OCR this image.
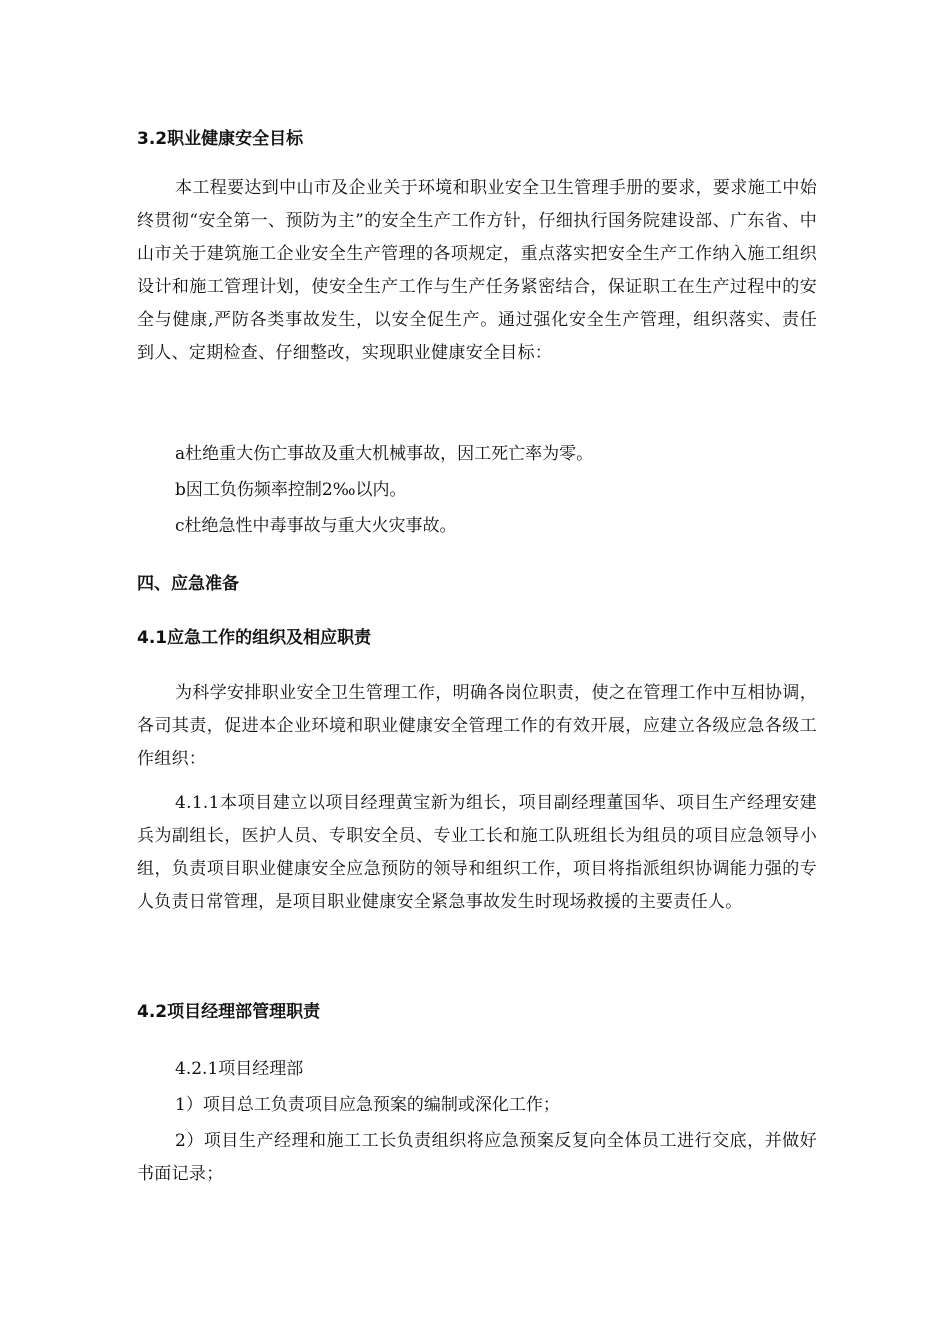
3.2职业健康安全目标
本工程要达到中山市及企业关于环境和职业安全卫生管理手册的要求，要求施工中始终贯彻“安全第一、预防为主”的安全生产工作方针，仔细执行国务院建设部、广东省、中山市关于建筑施工企业安全生产管理的各项规定，重点落实把安全生产工作纳入施工组织设计和施工管理计划，使安全生产工作与生产任务紧密结合，保证职工在生产过程中的安全与健康,严防各类事故发生，以安全促生产。通过强化安全生产管理，组织落实、责任到人、定期检查、仔细整改，实现职业健康安全目标：
a杜绝重大伤亡事故及重大机械事故，因工死亡率为零。
b因工负伤频率控制2‰以内。
c杜绝急性中毒事故与重大火灾事故。
四、应急准备
4.1应急工作的组织及相应职责
为科学安排职业安全卫生管理工作，明确各岗位职责，使之在管理工作中互相协调，各司其责，促进本企业环境和职业健康安全管理工作的有效开展，应建立各级应急各级工作组织：
4.1.1本项目建立以项目经理黄宝新为组长，项目副经理董国华、项目生产经理安建兵为副组长，医护人员、专职安全员、专业工长和施工队班组长为组员的项目应急领导小组，负责项目职业健康安全应急预防的领导和组织工作，项目将指派组织协调能力强的专人负责日常管理，是项目职业健康安全紧急事故发生时现场救援的主要责任人。
4.2项目经理部管理职责
4.2.1项目经理部
1）项目总工负责项目应急预案的编制或深化工作；
2）项目生产经理和施工工长负责组织将应急预案反复向全体员工进行交底，并做好书面记录；
